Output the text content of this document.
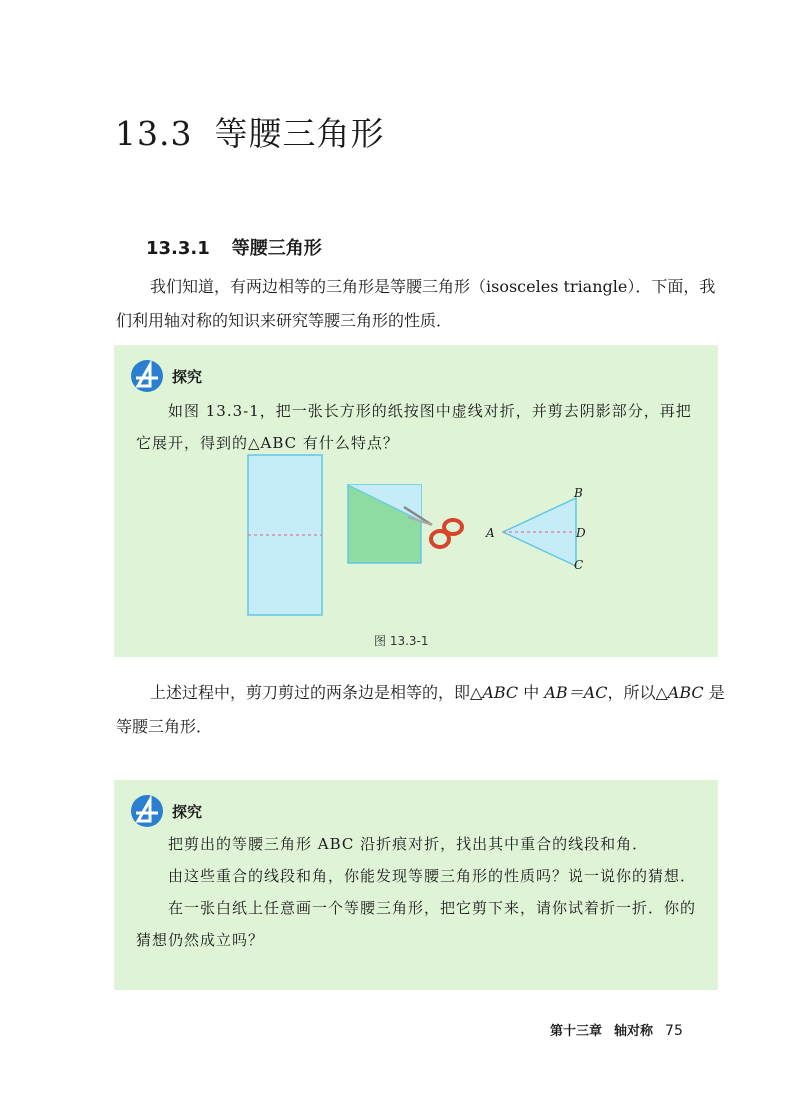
13.3 等腰三角形
13.3.1 等腰三角形

我们知道，有两边相等的三角形是等腰三角形（isosceles triangle）．下面，我们利用轴对称的知识来研究等腰三角形的性质．

探究

如图 13.3-1，把一张长方形的纸按图中虚线对折，并剪去阴影部分，再把它展开，得到的△ABC 有什么特点？

A
B
C
D
图 13.3-1

上述过程中，剪刀剪过的两条边是相等的，即△ABC 中 AB＝AC，所以△ABC 是等腰三角形．

探究

把剪出的等腰三角形 ABC 沿折痕对折，找出其中重合的线段和角．

由这些重合的线段和角，你能发现等腰三角形的性质吗？说一说你的猜想．

在一张白纸上任意画一个等腰三角形，把它剪下来，请你试着折一折．你的猜想仍然成立吗？

第十三章 轴对称 75
